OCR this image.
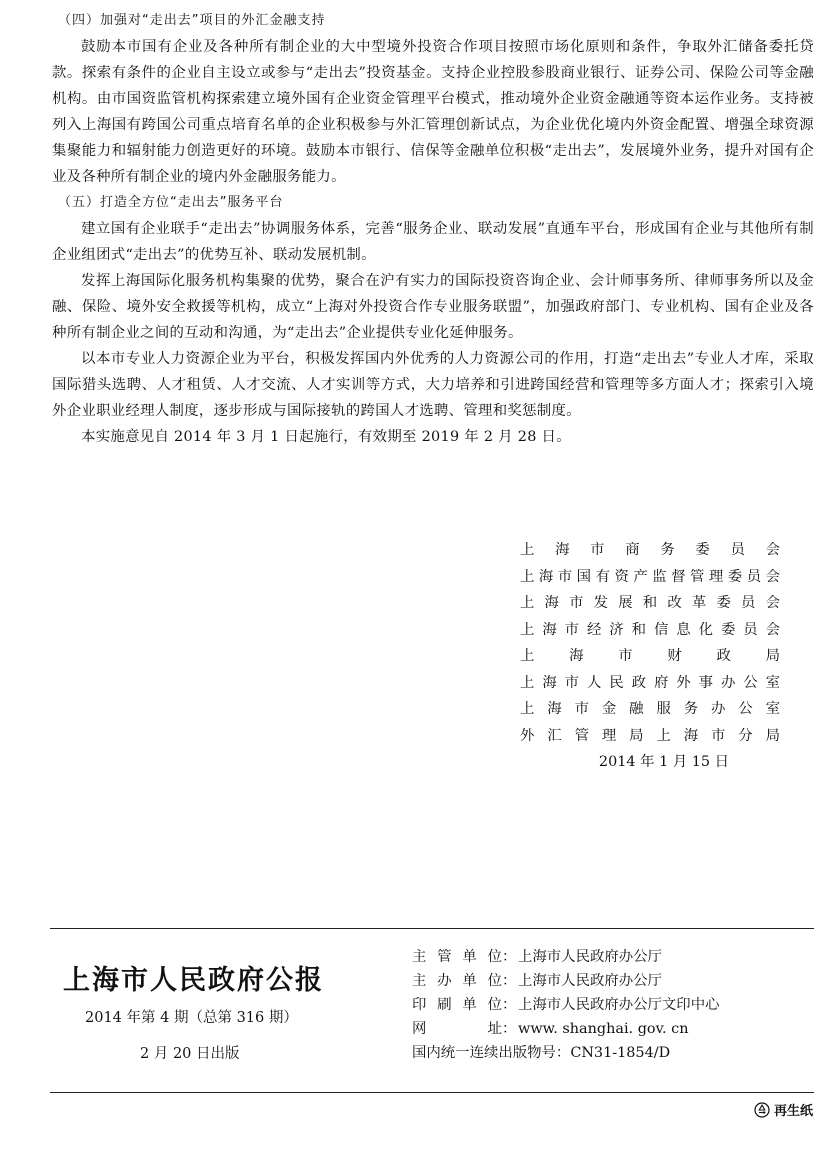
（四）加强对“走出去”项目的外汇金融支持

鼓励本市国有企业及各种所有制企业的大中型境外投资合作项目按照市场化原则和条件，争取外汇储备委托贷款。探索有条件的企业自主设立或参与“走出去”投资基金。支持企业控股参股商业银行、证券公司、保险公司等金融机构。由市国资监管机构探索建立境外国有企业资金管理平台模式，推动境外企业资金融通等资本运作业务。支持被列入上海国有跨国公司重点培育名单的企业积极参与外汇管理创新试点，为企业优化境内外资金配置、增强全球资源集聚能力和辐射能力创造更好的环境。鼓励本市银行、信保等金融单位积极“走出去”，发展境外业务，提升对国有企业及各种所有制企业的境内外金融服务能力。

（五）打造全方位“走出去”服务平台

建立国有企业联手“走出去”协调服务体系，完善“服务企业、联动发展”直通车平台，形成国有企业与其他所有制企业组团式“走出去”的优势互补、联动发展机制。

发挥上海国际化服务机构集聚的优势，聚合在沪有实力的国际投资咨询企业、会计师事务所、律师事务所以及金融、保险、境外安全救援等机构，成立“上海对外投资合作专业服务联盟”，加强政府部门、专业机构、国有企业及各种所有制企业之间的互动和沟通，为“走出去”企业提供专业化延伸服务。

以本市专业人力资源企业为平台，积极发挥国内外优秀的人力资源公司的作用，打造“走出去”专业人才库，采取国际猎头选聘、人才租赁、人才交流、人才实训等方式，大力培养和引进跨国经营和管理等多方面人才；探索引入境外企业职业经理人制度，逐步形成与国际接轨的跨国人才选聘、管理和奖惩制度。

本实施意见自 2014 年 3 月 1 日起施行，有效期至 2019 年 2 月 28 日。

上海市商务委员会

上海市国有资产监督管理委员会

上海市发展和改革委员会

上海市经济和信息化委员会

上海市财政局

上海市人民政府外事办公室

上海市金融服务办公室

外汇管理局上海市分局

2014 年 1 月 15 日

上海市人民政府公报

2014 年第 4 期（总第 316 期）

2 月 20 日出版

主管单位 ： 上海市人民政府办公厅
主办单位 ： 上海市人民政府办公厅
印刷单位 ： 上海市人民政府办公厅文印中心
网址 ： www. shanghai. gov. cn
国内统一连续出版物号 ： CN31-1854/D
再生纸
